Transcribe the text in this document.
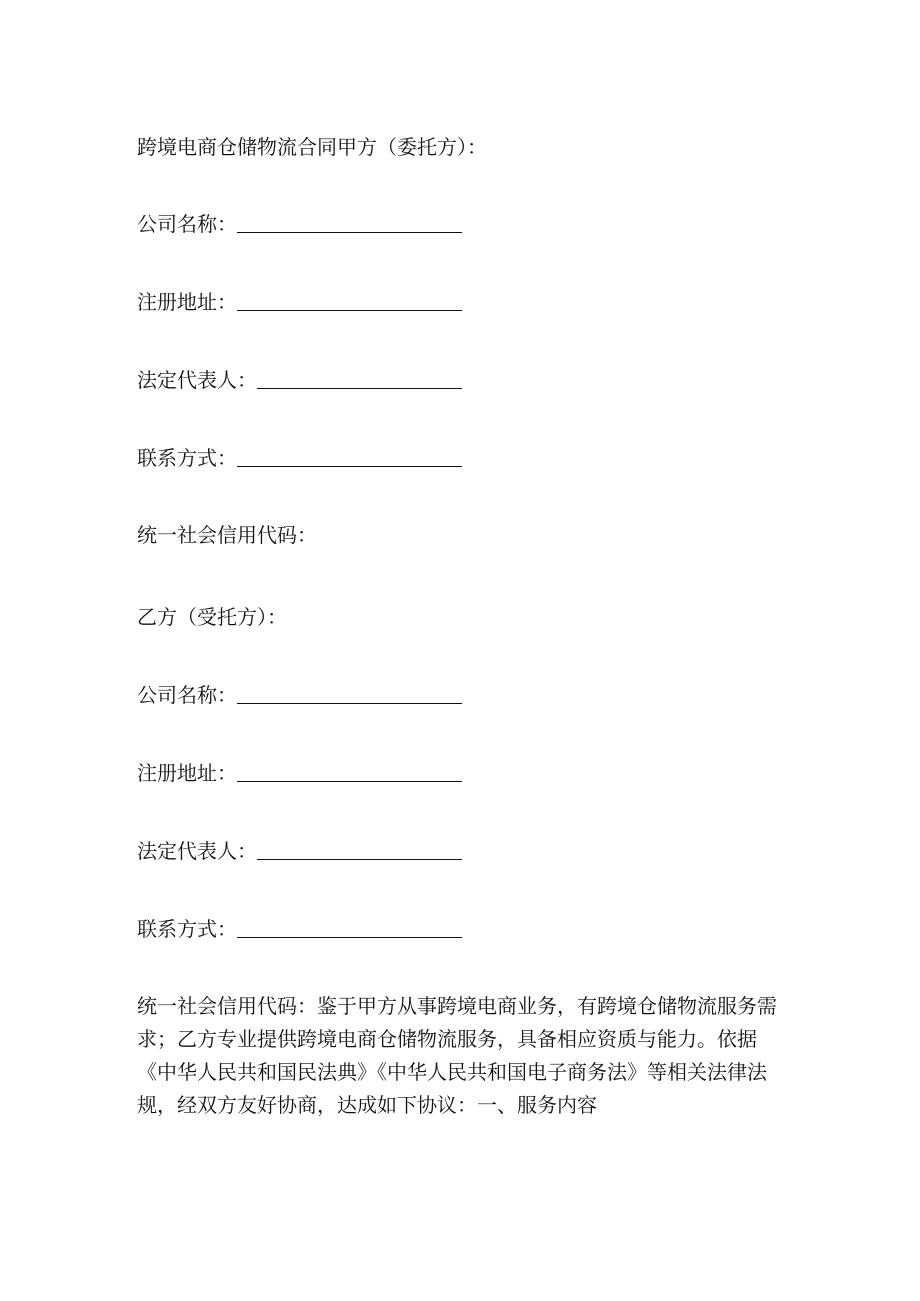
跨境电商仓储物流合同甲方（委托方）：
公司名称：
注册地址：
法定代表人：
联系方式：
统一社会信用代码：
乙方（受托方）：
公司名称：
注册地址：
法定代表人：
联系方式：
统一社会信用代码：鉴于甲方从事跨境电商业务，有跨境仓储物流服务需
求；乙方专业提供跨境电商仓储物流服务，具备相应资质与能力。依据
《中华人民共和国民法典》《中华人民共和国电子商务法》等相关法律法
规，经双方友好协商，达成如下协议：一、服务内容
